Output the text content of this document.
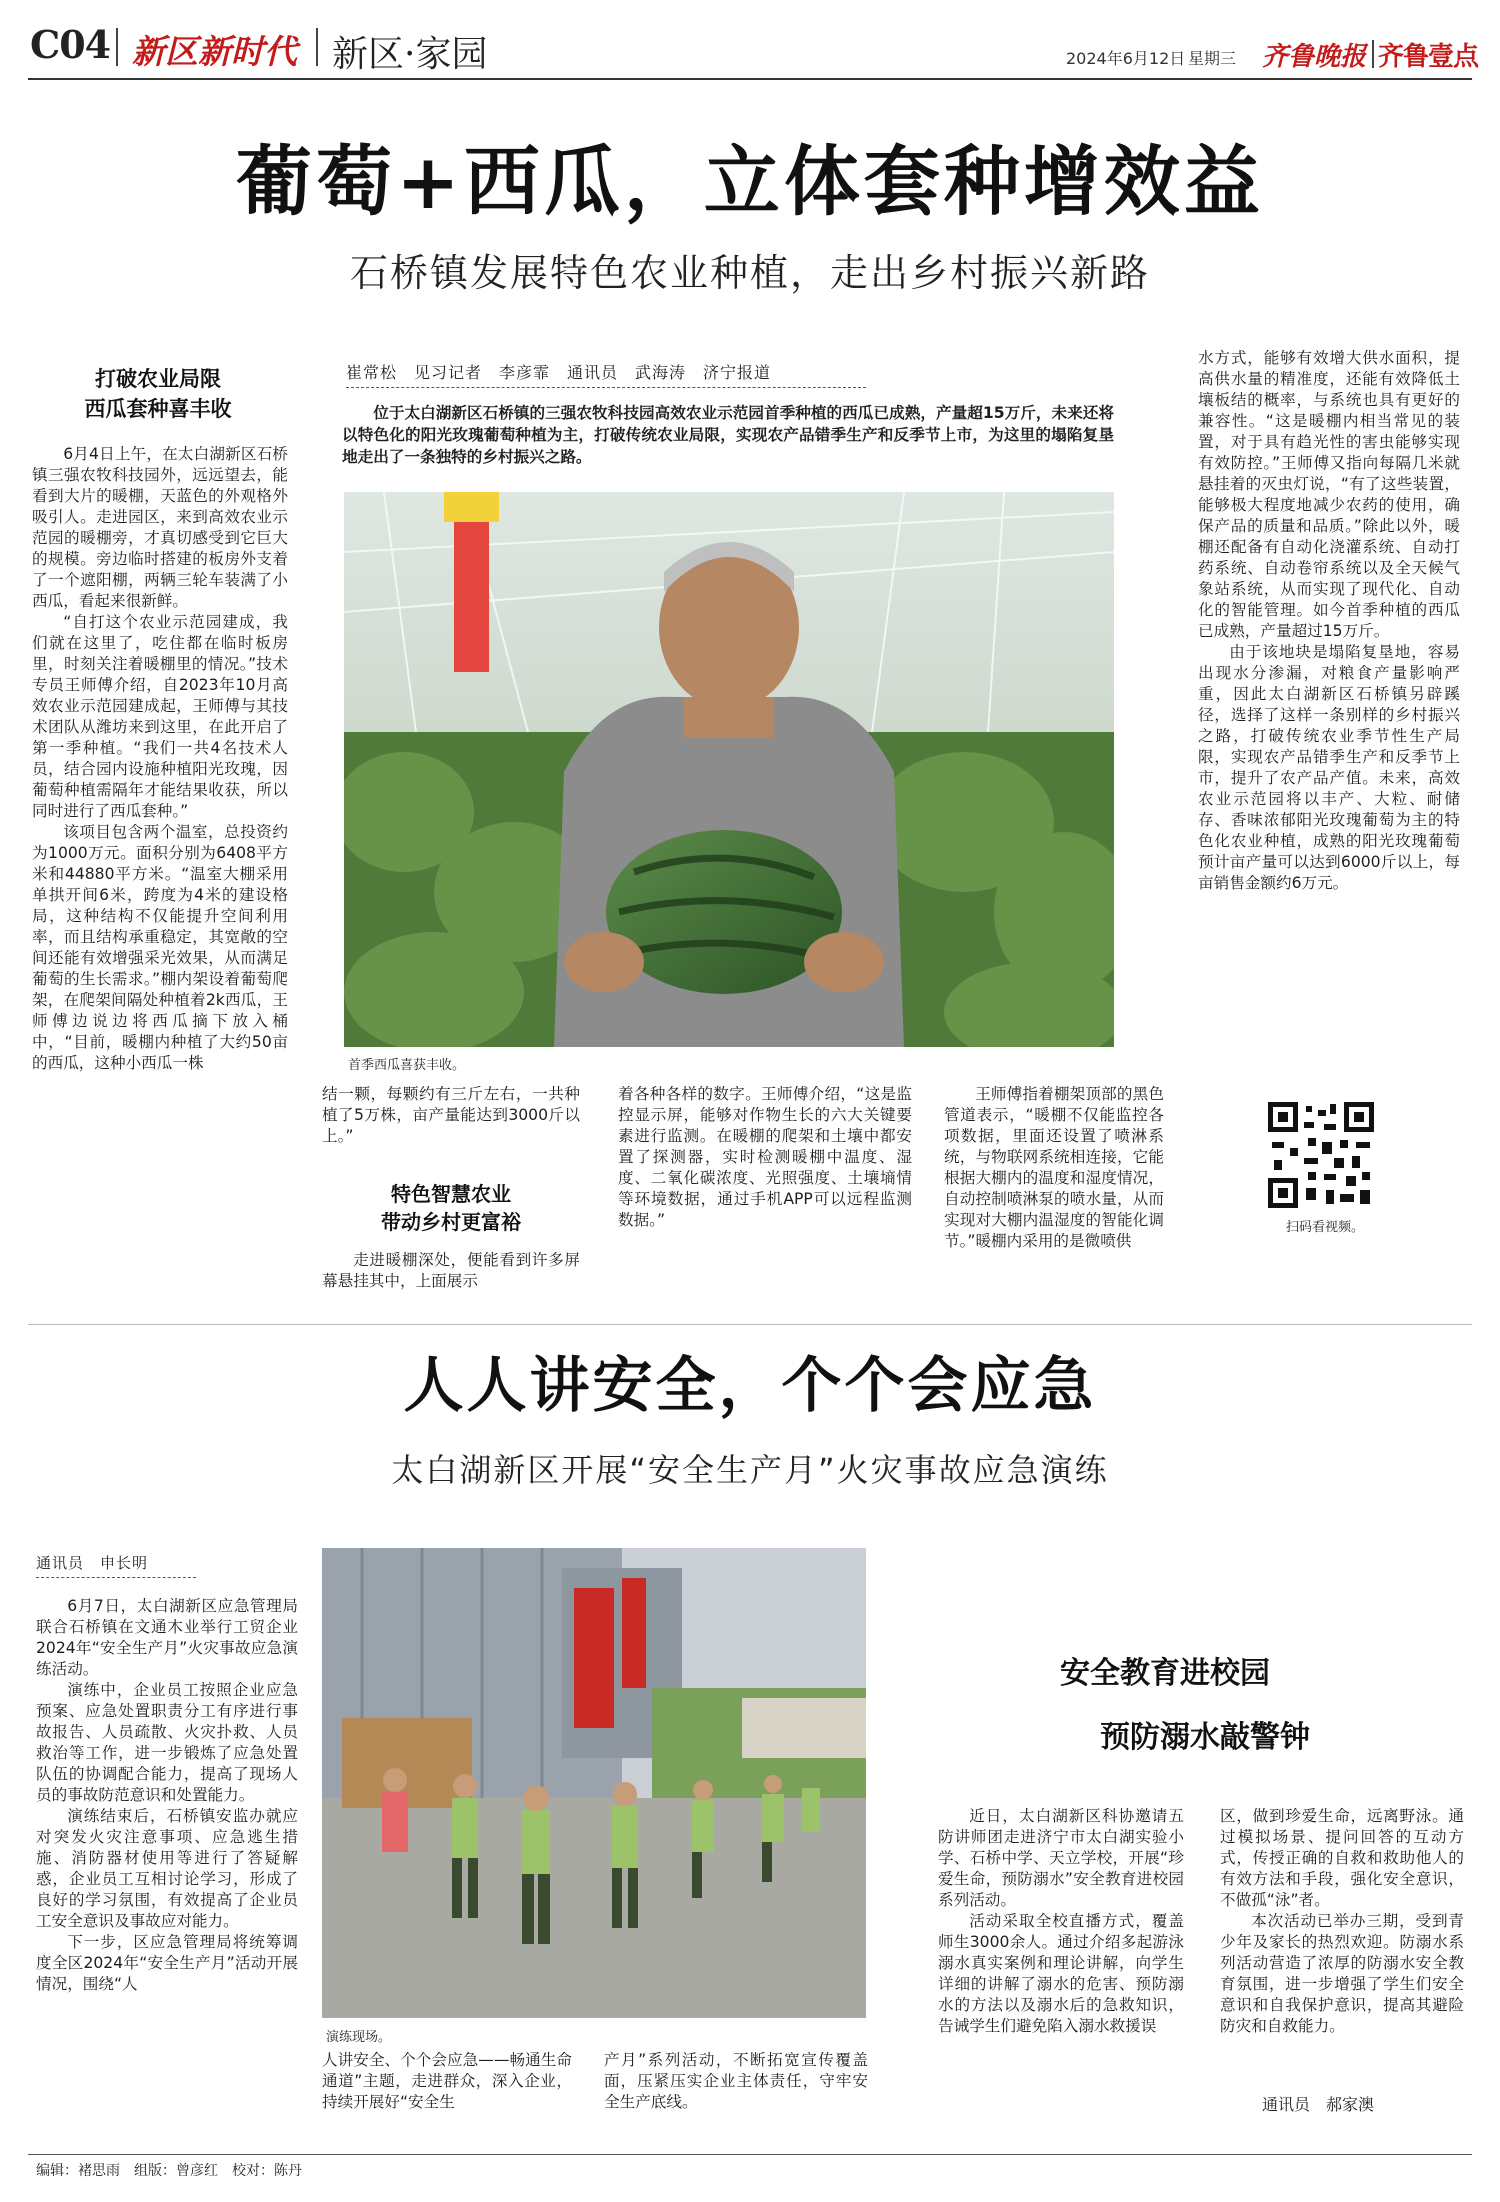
C04 新区新时代 新区·家园	2024年6月12日 星期三 齐鲁晚报 齐鲁壹点
葡萄+西瓜，立体套种增效益
石桥镇发展特色农业种植，走出乡村振兴新路
打破农业局限
西瓜套种喜丰收

6月4日上午，在太白湖新区石桥镇三强农牧科技园外，远远望去，能看到大片的暖棚，天蓝色的外观格外吸引人。走进园区，来到高效农业示范园的暖棚旁，才真切感受到它巨大的规模。旁边临时搭建的板房外支着了一个遮阳棚，两辆三轮车装满了小西瓜，看起来很新鲜。

“自打这个农业示范园建成，我们就在这里了，吃住都在临时板房里，时刻关注着暖棚里的情况。”技术专员王师傅介绍，自2023年10月高效农业示范园建成起，王师傅与其技术团队从潍坊来到这里，在此开启了第一季种植。“我们一共4名技术人员，结合园内设施种植阳光玫瑰，因葡萄种植需隔年才能结果收获，所以同时进行了西瓜套种。”

该项目包含两个温室，总投资约为1000万元。面积分别为6408平方米和44880平方米。“温室大棚采用单拱开间6米，跨度为4米的建设格局，这种结构不仅能提升空间利用率，而且结构承重稳定，其宽敞的空间还能有效增强采光效果，从而满足葡萄的生长需求。”棚内架设着葡萄爬架，在爬架间隔处种植着2k西瓜，王师傅边说边将西瓜摘下放入桶中，“目前，暖棚内种植了大约50亩的西瓜，这种小西瓜一株

崔常松　见习记者　李彦霏　通讯员　武海涛　济宁报道
位于太白湖新区石桥镇的三强农牧科技园高效农业示范园首季种植的西瓜已成熟，产量超15万斤，未来还将以特色化的阳光玫瑰葡萄种植为主，打破传统农业局限，实现农产品错季生产和反季节上市，为这里的塌陷复垦地走出了一条独特的乡村振兴之路。
首季西瓜喜获丰收。

水方式，能够有效增大供水面积，提高供水量的精准度，还能有效降低土壤板结的概率，与系统也具有更好的兼容性。“这是暖棚内相当常见的装置，对于具有趋光性的害虫能够实现有效防控。”王师傅又指向每隔几米就悬挂着的灭虫灯说，“有了这些装置，能够极大程度地减少农药的使用，确保产品的质量和品质。”除此以外，暖棚还配备有自动化浇灌系统、自动打药系统、自动卷帘系统以及全天候气象站系统，从而实现了现代化、自动化的智能管理。如今首季种植的西瓜已成熟，产量超过15万斤。

由于该地块是塌陷复垦地，容易出现水分渗漏，对粮食产量影响严重，因此太白湖新区石桥镇另辟蹊径，选择了这样一条别样的乡村振兴之路，打破传统农业季节性生产局限，实现农产品错季生产和反季节上市，提升了农产品产值。未来，高效农业示范园将以丰产、大粒、耐储存、香味浓郁阳光玫瑰葡萄为主的特色化农业种植，成熟的阳光玫瑰葡萄预计亩产量可以达到6000斤以上，每亩销售金额约6万元。

扫码看视频。

结一颗，每颗约有三斤左右，一共种植了5万株，亩产量能达到3000斤以上。”

特色智慧农业
带动乡村更富裕

走进暖棚深处，便能看到许多屏幕悬挂其中，上面展示

着各种各样的数字。王师傅介绍，“这是监控显示屏，能够对作物生长的六大关键要素进行监测。在暖棚的爬架和土壤中都安置了探测器，实时检测暖棚中温度、湿度、二氧化碳浓度、光照强度、土壤墒情等环境数据，通过手机APP可以远程监测数据。”

王师傅指着棚架顶部的黑色管道表示，“暖棚不仅能监控各项数据，里面还设置了喷淋系统，与物联网系统相连接，它能根据大棚内的温度和湿度情况，自动控制喷淋泵的喷水量，从而实现对大棚内温湿度的智能化调节。”暖棚内采用的是微喷供

人人讲安全，个个会应急
太白湖新区开展“安全生产月”火灾事故应急演练
通讯员　申长明

6月7日，太白湖新区应急管理局联合石桥镇在文通木业举行工贸企业2024年“安全生产月”火灾事故应急演练活动。

演练中，企业员工按照企业应急预案、应急处置职责分工有序进行事故报告、人员疏散、火灾扑救、人员救治等工作，进一步锻炼了应急处置队伍的协调配合能力，提高了现场人员的事故防范意识和处置能力。

演练结束后，石桥镇安监办就应对突发火灾注意事项、应急逃生措施、消防器材使用等进行了答疑解惑，企业员工互相讨论学习，形成了良好的学习氛围，有效提高了企业员工安全意识及事故应对能力。

下一步，区应急管理局将统筹调度全区2024年“安全生产月”活动开展情况，围绕“人

演练现场。

人讲安全、个个会应急——畅通生命通道”主题，走进群众，深入企业，持续开展好“安全生

产月”系列活动，不断拓宽宣传覆盖面，压紧压实企业主体责任，守牢安全生产底线。

安全教育进校园
预防溺水敲警钟

近日，太白湖新区科协邀请五防讲师团走进济宁市太白湖实验小学、石桥中学、天立学校，开展“珍爱生命，预防溺水”安全教育进校园系列活动。

活动采取全校直播方式，覆盖师生3000余人。通过介绍多起游泳溺水真实案例和理论讲解，向学生详细的讲解了溺水的危害、预防溺水的方法以及溺水后的急救知识，告诫学生们避免陷入溺水救援误

区，做到珍爱生命，远离野泳。通过模拟场景、提问回答的互动方式，传授正确的自救和救助他人的有效方法和手段，强化安全意识，不做孤“泳”者。

本次活动已举办三期，受到青少年及家长的热烈欢迎。防溺水系列活动营造了浓厚的防溺水安全教育氛围，进一步增强了学生们安全意识和自我保护意识，提高其避险防灾和自救能力。

通讯员　郝家澳
编辑：褚思雨　组版：曾彦红　校对：陈丹
